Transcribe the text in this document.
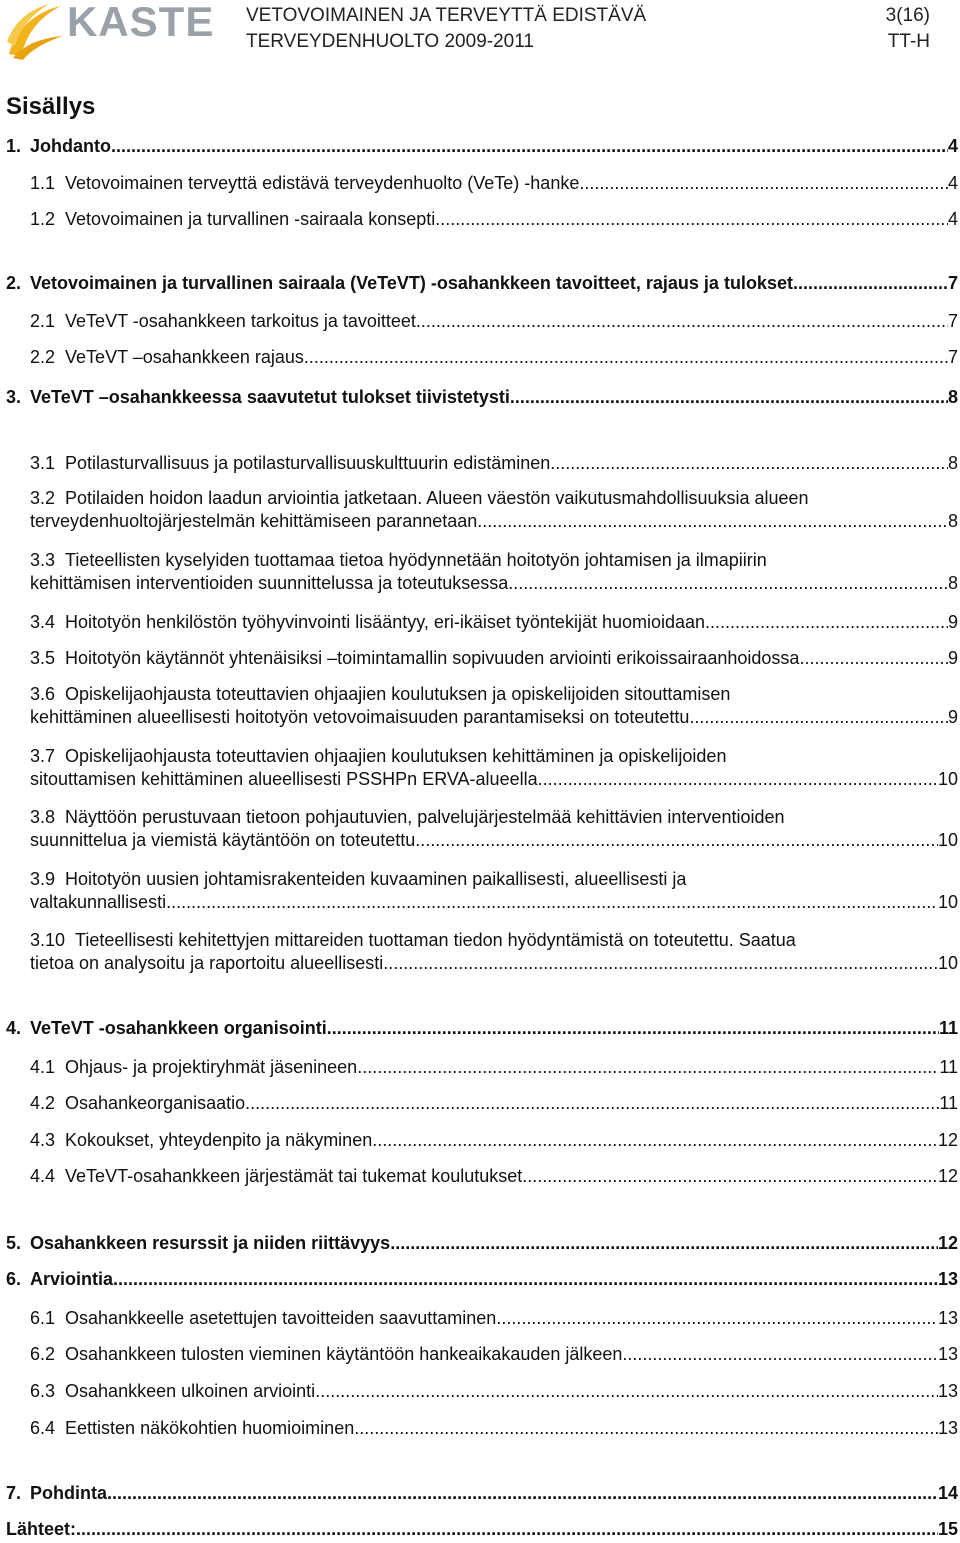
KASTE VETOVOIMAINEN JA TERVEYTTÄ EDISTÄVÄ
TERVEYDENHUOLTO 2009-2011
3(16)
TT-H
Sisällys
1. Johdanto .....	4
1.1 Vetovoimainen terveyttä edistävä terveydenhuolto (VeTe) -hanke .....	4
1.2 Vetovoimainen ja turvallinen -sairaala konsepti .....	4
2. Vetovoimainen ja turvallinen sairaala (VeTeVT) -osahankkeen tavoitteet, rajaus ja tulokset .....	7
2.1 VeTeVT -osahankkeen tarkoitus ja tavoitteet .....	7
2.2 VeTeVT –osahankkeen rajaus .....	7
3. VeTeVT –osahankkeessa saavutetut tulokset tiivistetysti .....	8
3.1 Potilasturvallisuus ja potilasturvallisuuskulttuurin edistäminen .....	8
3.2 Potilaiden hoidon laadun arviointia jatketaan. Alueen väestön vaikutusmahdollisuuksia alueen
terveydenhuoltojärjestelmän kehittämiseen parannetaan. .....	8
3.3 Tieteellisten kyselyiden tuottamaa tietoa hyödynnetään hoitotyön johtamisen ja ilmapiirin
kehittämisen interventioiden suunnittelussa ja toteutuksessa. .....	8
3.4 Hoitotyön henkilöstön työhyvinvointi lisääntyy, eri-ikäiset työntekijät huomioidaan .....	9
3.5 Hoitotyön käytännöt yhtenäisiksi –toimintamallin sopivuuden arviointi erikoissairaanhoidossa .....	9
3.6 Opiskelijaohjausta toteuttavien ohjaajien koulutuksen ja opiskelijoiden sitouttamisen
kehittäminen alueellisesti hoitotyön vetovoimaisuuden parantamiseksi on toteutettu .....	9
3.7 Opiskelijaohjausta toteuttavien ohjaajien koulutuksen kehittäminen ja opiskelijoiden
sitouttamisen kehittäminen alueellisesti PSSHPn ERVA-alueella .....	10
3.8 Näyttöön perustuvaan tietoon pohjautuvien, palvelujärjestelmää kehittävien interventioiden
suunnittelua ja viemistä käytäntöön on toteutettu .....	10
3.9 Hoitotyön uusien johtamisrakenteiden kuvaaminen paikallisesti, alueellisesti ja
valtakunnallisesti .....	10
3.10 Tieteellisesti kehitettyjen mittareiden tuottaman tiedon hyödyntämistä on toteutettu. Saatua
tietoa on analysoitu ja raportoitu alueellisesti. .....	10
4. VeTeVT -osahankkeen organisointi .....	11
4.1 Ohjaus- ja projektiryhmät jäsenineen .....	11
4.2 Osahankeorganisaatio .....	11
4.3 Kokoukset, yhteydenpito ja näkyminen .....	12
4.4 VeTeVT-osahankkeen järjestämät tai tukemat koulutukset .....	12
5. Osahankkeen resurssit ja niiden riittävyys .....	12
6. Arviointia .....	13
6.1 Osahankkeelle asetettujen tavoitteiden saavuttaminen .....	13
6.2 Osahankkeen tulosten vieminen käytäntöön hankeaikakauden jälkeen .....	13
6.3 Osahankkeen ulkoinen arviointi .....	13
6.4 Eettisten näkökohtien huomioiminen .....	13
7. Pohdinta .....	14
Lähteet: .....	15
